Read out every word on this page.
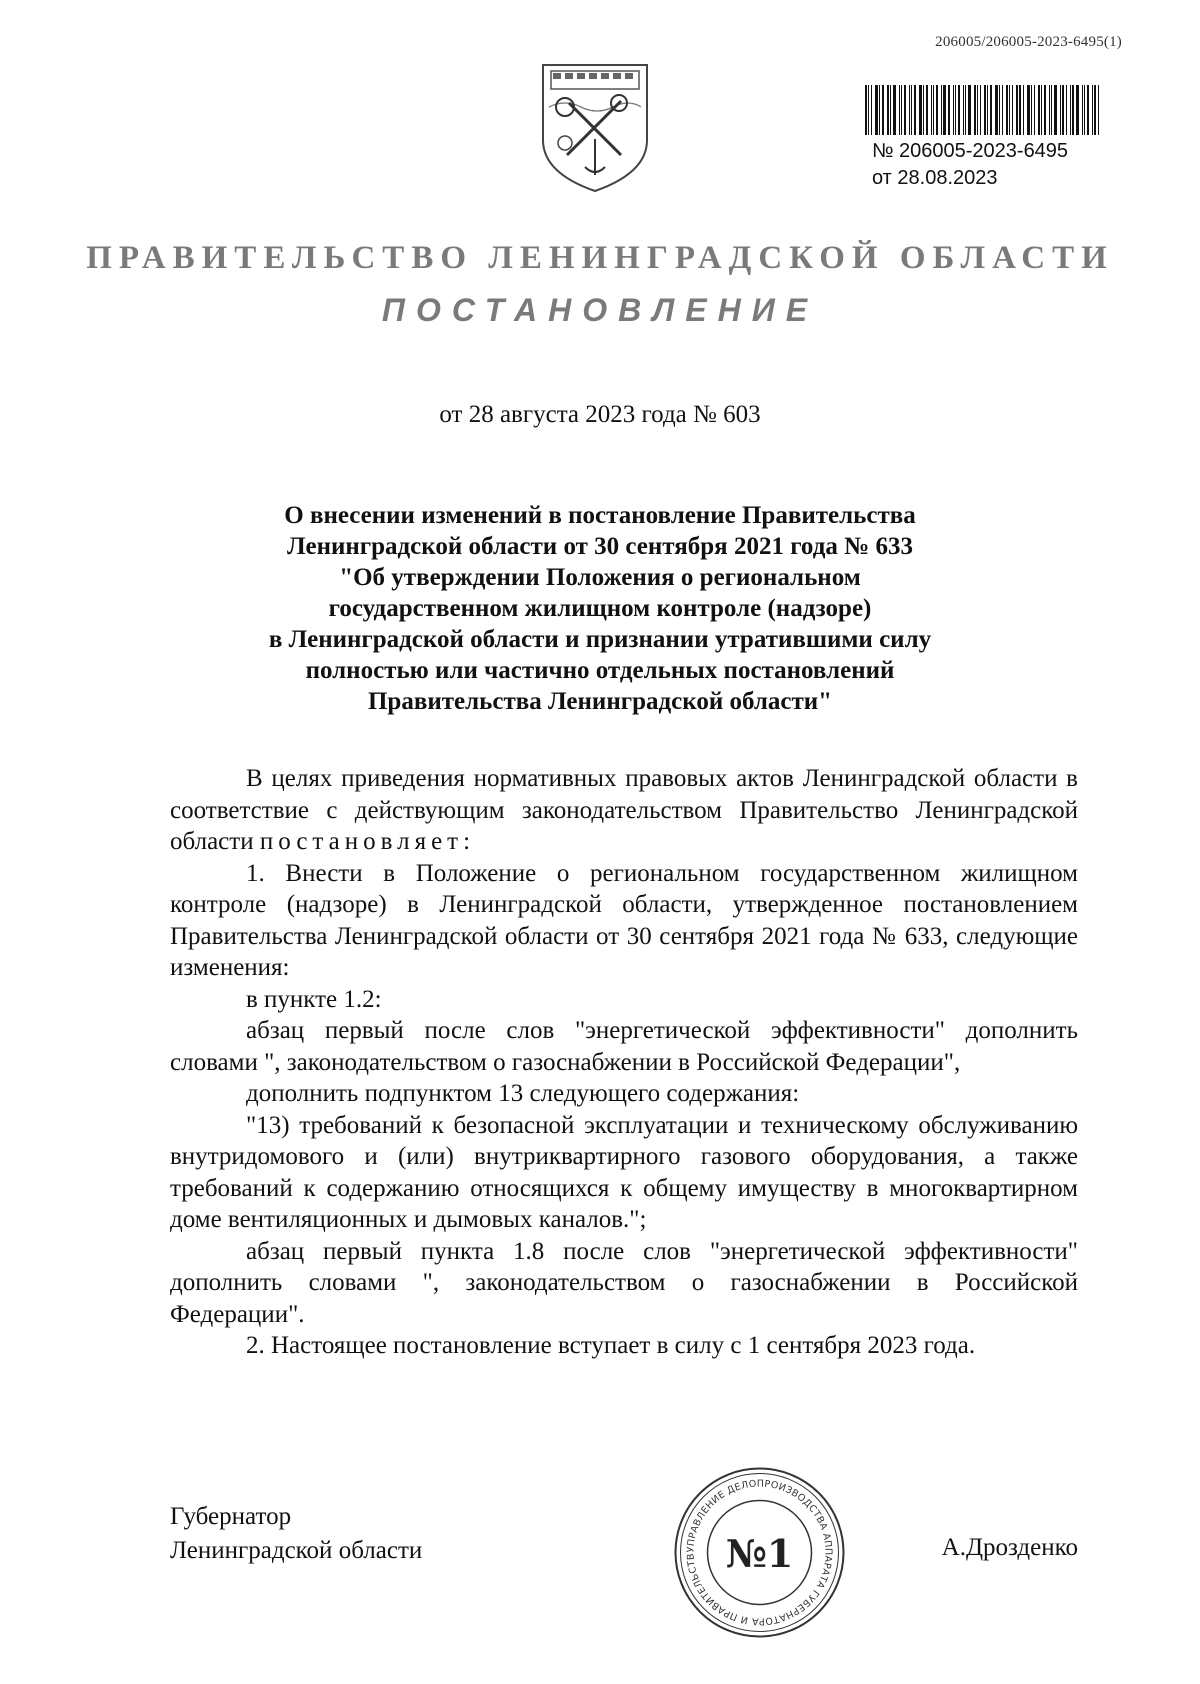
206005/206005-2023-6495(1)
№ 206005-2023-6495
от 28.08.2023
ПРАВИТЕЛЬСТВО ЛЕНИНГРАДСКОЙ ОБЛАСТИ
ПОСТАНОВЛЕНИЕ
от 28 августа 2023 года № 603

О внесении изменений в постановление Правительства

Ленинградской области от 30 сентября 2021 года № 633

"Об утверждении Положения о региональном

государственном жилищном контроле (надзоре)

в Ленинградской области и признании утратившими силу

полностью или частично отдельных постановлений

Правительства Ленинградской области"

В целях приведения нормативных правовых актов Ленинградской области в соответствие с действующим законодательством Правительство Ленинградской области постановляет:

1. Внести в Положение о региональном государственном жилищном контроле (надзоре) в Ленинградской области, утвержденное постановлением Правительства Ленинградской области от 30 сентября 2021 года № 633, следующие изменения:

в пункте 1.2:

абзац первый после слов "энергетической эффективности" дополнить словами ", законодательством о газоснабжении в Российской Федерации",

дополнить подпунктом 13 следующего содержания:

"13) требований к безопасной эксплуатации и техническому обслуживанию внутридомового и (или) внутриквартирного газового оборудования, а также требований к содержанию относящихся к общему имуществу в многоквартирном доме вентиляционных и дымовых каналов.";

абзац первый пункта 1.8 после слов "энергетической эффективности" дополнить словами ", законодательством о газоснабжении в Российской Федерации".

2. Настоящее постановление вступает в силу с 1 сентября 2023 года.

Губернатор
Ленинградской области	УПРАВЛЕНИЕ ДЕЛОПРОИЗВОДСТВА АППАРАТА ГУБЕРНАТОРА И ПРАВИТЕЛЬСТВ №1	А.Дрозденко
